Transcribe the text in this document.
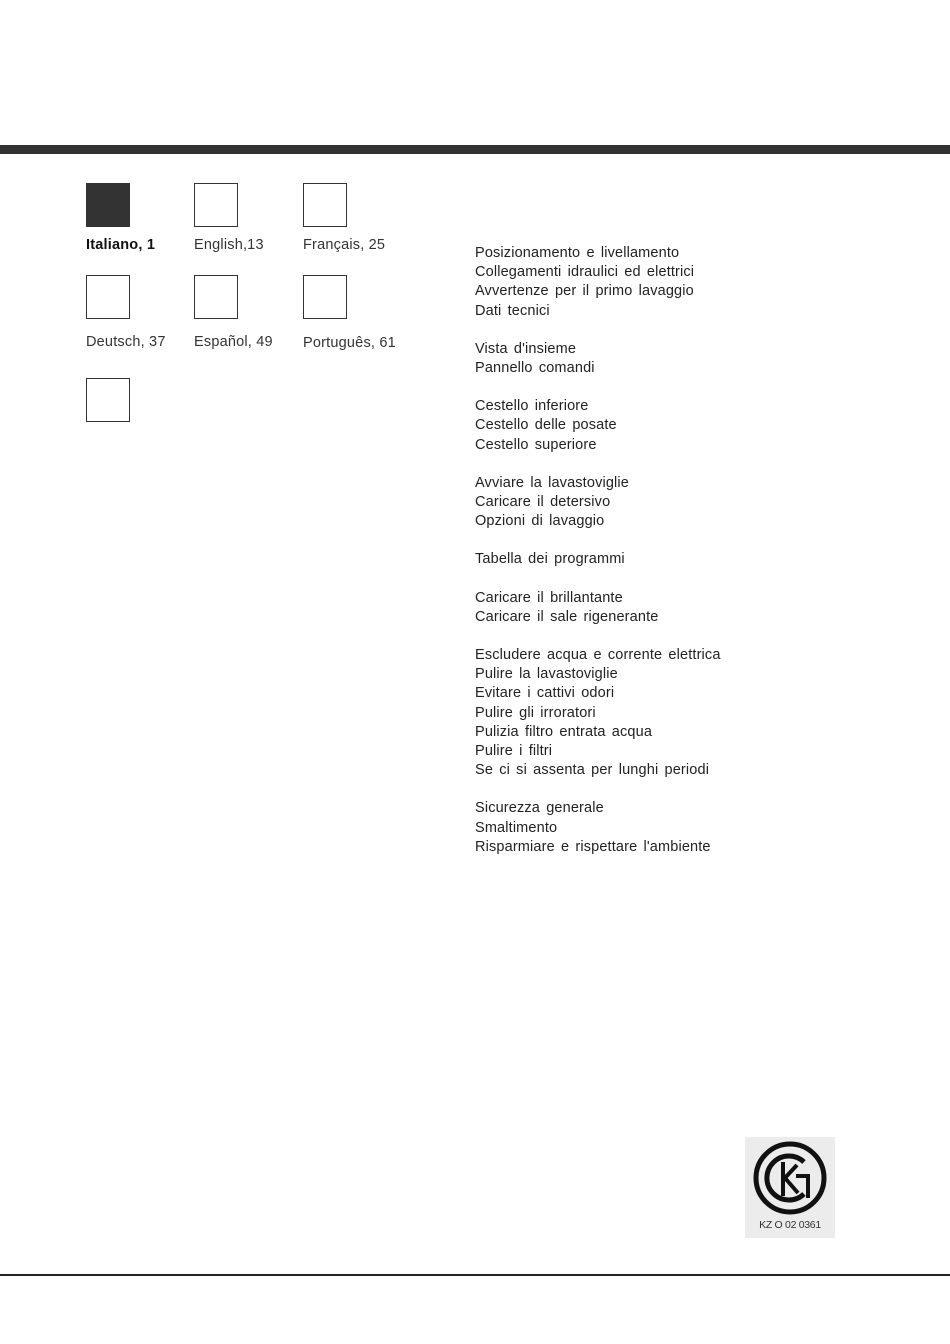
Italiano, 1	English,13	Français, 25
Deutsch, 37 Español, 49 Português, 61
Posizionamento e livellamento
Collegamenti idraulici ed elettrici
Avvertenze per il primo lavaggio
Dati tecnici
Vista d'insieme
Pannello comandi
Cestello inferiore
Cestello delle posate
Cestello superiore
Avviare la lavastoviglie
Caricare il detersivo
Opzioni di lavaggio
Tabella dei programmi
Caricare il brillantante
Caricare il sale rigenerante
Escludere acqua e corrente elettrica
Pulire la lavastoviglie
Evitare i cattivi odori
Pulire gli irroratori
Pulizia filtro entrata acqua
Pulire i filtri
Se ci si assenta per lunghi periodi
Sicurezza generale
Smaltimento
Risparmiare e rispettare l'ambiente
KZ O 02 0361
